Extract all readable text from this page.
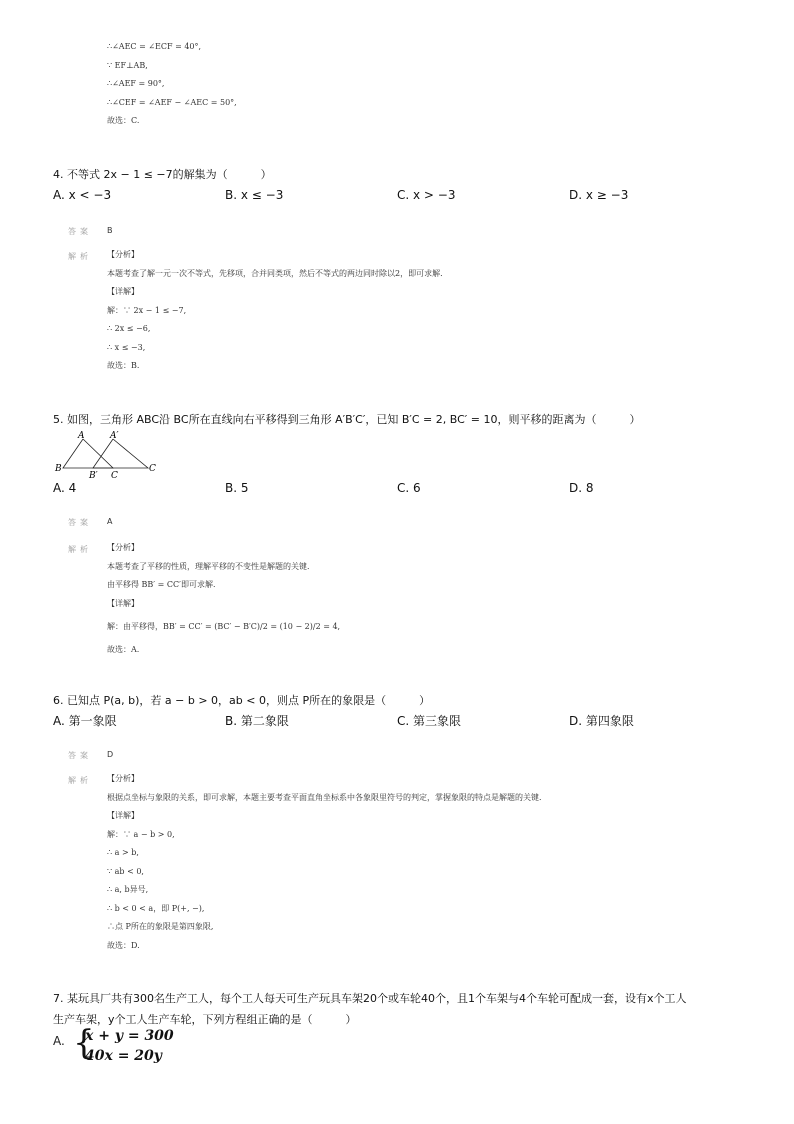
∴∠AEC = ∠ECF = 40°,
∵ EF⊥AB,
∴∠AEF = 90°,
∴∠CEF = ∠AEF − ∠AEC = 50°,
故选：C.
4. 不等式 2x − 1 ≤ −7的解集为（　　　）
A. x < −3	B. x ≤ −3	C. x > −3	D. x ≥ −3
答案 B
解析 【分析】
本题考查了解一元一次不等式，先移项，合并同类项，然后不等式的两边同时除以2，即可求解．
【详解】
解：∵ 2x − 1 ≤ −7,
∴ 2x ≤ −6,
∴ x ≤ −3,
故选：B.
5. 如图，三角形 ABC沿 BC所在直线向右平移得到三角形 A′B′C′，已知 B′C = 2, BC′ = 10，则平移的距离为（　　　）
A	A′
B
B′ C
C
A. 4	B. 5	C. 6	D. 8
答案 A
解析 【分析】
本题考查了平移的性质，理解平移的不变性是解题的关键．
由平移得 BB′ = CC′即可求解．
【详解】
解：由平移得，BB′ = CC′ = (BC′ − B′C)/2 = (10 − 2)/2 = 4,
故选：A.
6. 已知点 P(a, b)，若 a − b > 0，ab < 0，则点 P所在的象限是（　　　）
A. 第一象限	B. 第二象限	C. 第三象限	D. 第四象限
答案 D
解析 【分析】
根据点坐标与象限的关系，即可求解，本题主要考查平面直角坐标系中各象限里符号的判定，掌握象限的特点是解题的关键．
【详解】
解：∵ a − b > 0,
∴ a > b,
∵ ab < 0,
∴ a, b异号,
∴ b < 0 < a，即 P(+, −),
∴点 P所在的象限是第四象限,
故选：D.
7. 某玩具厂共有300名生产工人，每个工人每天可生产玩具车架20个或车轮40个，且1个车架与4个车轮可配成一套，设有x个工人
生产车架，y个工人生产车轮，下列方程组正确的是（　　　）
A. {
x + y = 300
40x = 20y
